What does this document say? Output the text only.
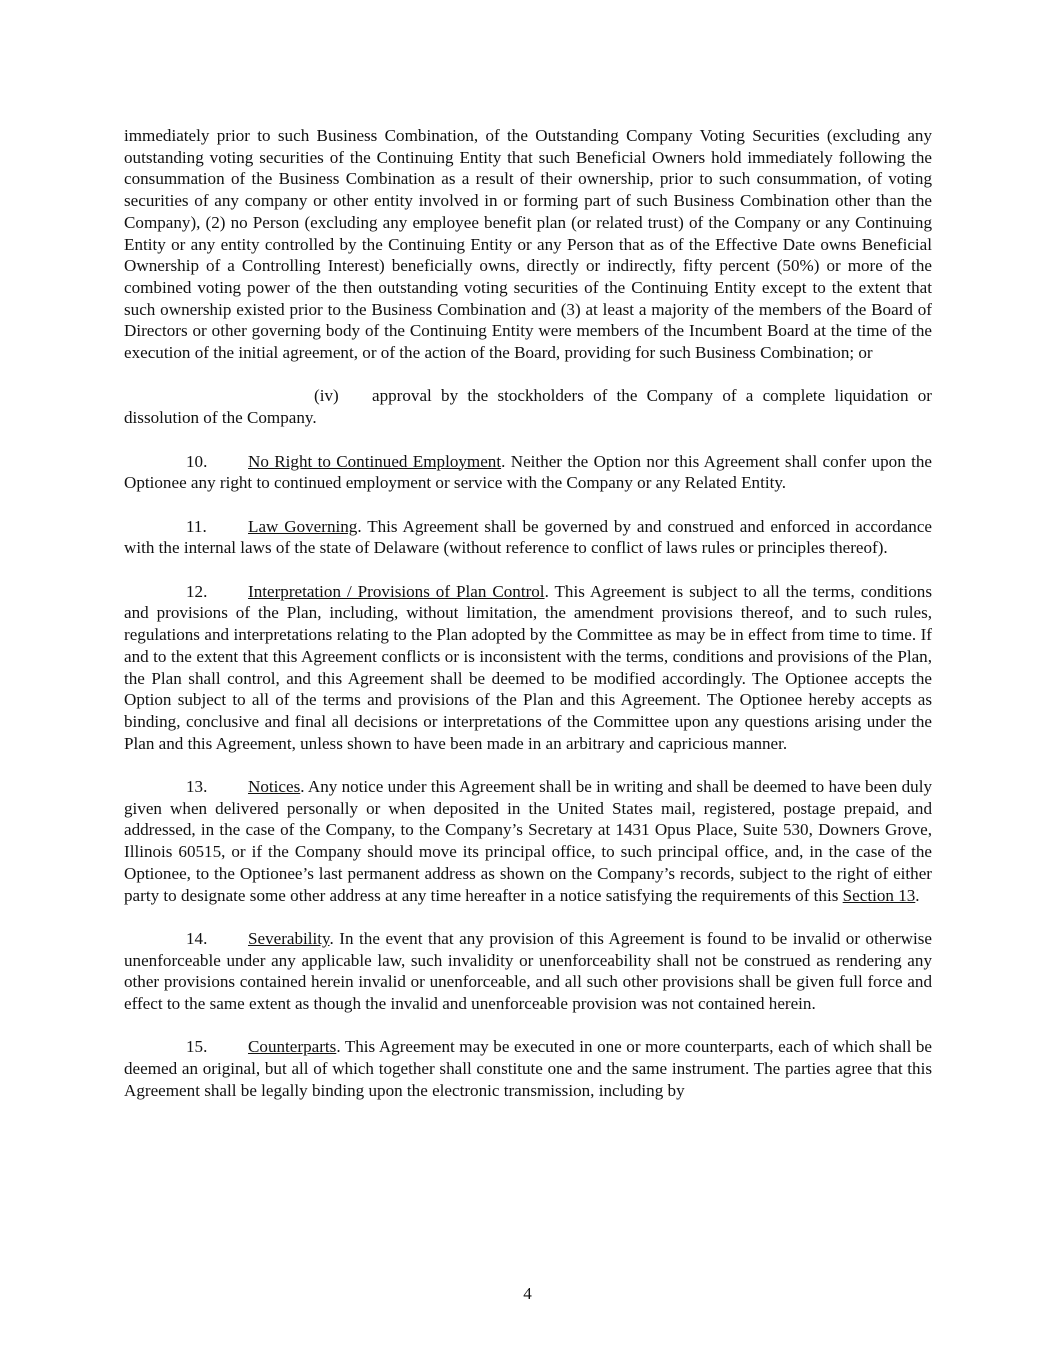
immediately prior to such Business Combination, of the Outstanding Company Voting Securities (excluding any outstanding voting securities of the Continuing Entity that such Beneficial Owners hold immediately following the consummation of the Business Combination as a result of their ownership, prior to such consummation, of voting securities of any company or other entity involved in or forming part of such Business Combination other than the Company), (2) no Person (excluding any employee benefit plan (or related trust) of the Company or any Continuing Entity or any entity controlled by the Continuing Entity or any Person that as of the Effective Date owns Beneficial Ownership of a Controlling Interest) beneficially owns, directly or indirectly, fifty percent (50%) or more of the combined voting power of the then outstanding voting securities of the Continuing Entity except to the extent that such ownership existed prior to the Business Combination and (3) at least a majority of the members of the Board of Directors or other governing body of the Continuing Entity were members of the Incumbent Board at the time of the execution of the initial agreement, or of the action of the Board, providing for such Business Combination; or

(iv) approval by the stockholders of the Company of a complete liquidation or dissolution of the Company.

10. No Right to Continued Employment. Neither the Option nor this Agreement shall confer upon the Optionee any right to continued employment or service with the Company or any Related Entity.

11. Law Governing. This Agreement shall be governed by and construed and enforced in accordance with the internal laws of the state of Delaware (without reference to conflict of laws rules or principles thereof).

12. Interpretation / Provisions of Plan Control. This Agreement is subject to all the terms, conditions and provisions of the Plan, including, without limitation, the amendment provisions thereof, and to such rules, regulations and interpretations relating to the Plan adopted by the Committee as may be in effect from time to time. If and to the extent that this Agreement conflicts or is inconsistent with the terms, conditions and provisions of the Plan, the Plan shall control, and this Agreement shall be deemed to be modified accordingly. The Optionee accepts the Option subject to all of the terms and provisions of the Plan and this Agreement. The Optionee hereby accepts as binding, conclusive and final all decisions or interpretations of the Committee upon any questions arising under the Plan and this Agreement, unless shown to have been made in an arbitrary and capricious manner.

13. Notices. Any notice under this Agreement shall be in writing and shall be deemed to have been duly given when delivered personally or when deposited in the United States mail, registered, postage prepaid, and addressed, in the case of the Company, to the Company’s Secretary at 1431 Opus Place, Suite 530, Downers Grove, Illinois 60515, or if the Company should move its principal office, to such principal office, and, in the case of the Optionee, to the Optionee’s last permanent address as shown on the Company’s records, subject to the right of either party to designate some other address at any time hereafter in a notice satisfying the requirements of this Section 13.

14. Severability. In the event that any provision of this Agreement is found to be invalid or otherwise unenforceable under any applicable law, such invalidity or unenforceability shall not be construed as rendering any other provisions contained herein invalid or unenforceable, and all such other provisions shall be given full force and effect to the same extent as though the invalid and unenforceable provision was not contained herein.

15. Counterparts. This Agreement may be executed in one or more counterparts, each of which shall be deemed an original, but all of which together shall constitute one and the same instrument. The parties agree that this Agreement shall be legally binding upon the electronic transmission, including by

4
